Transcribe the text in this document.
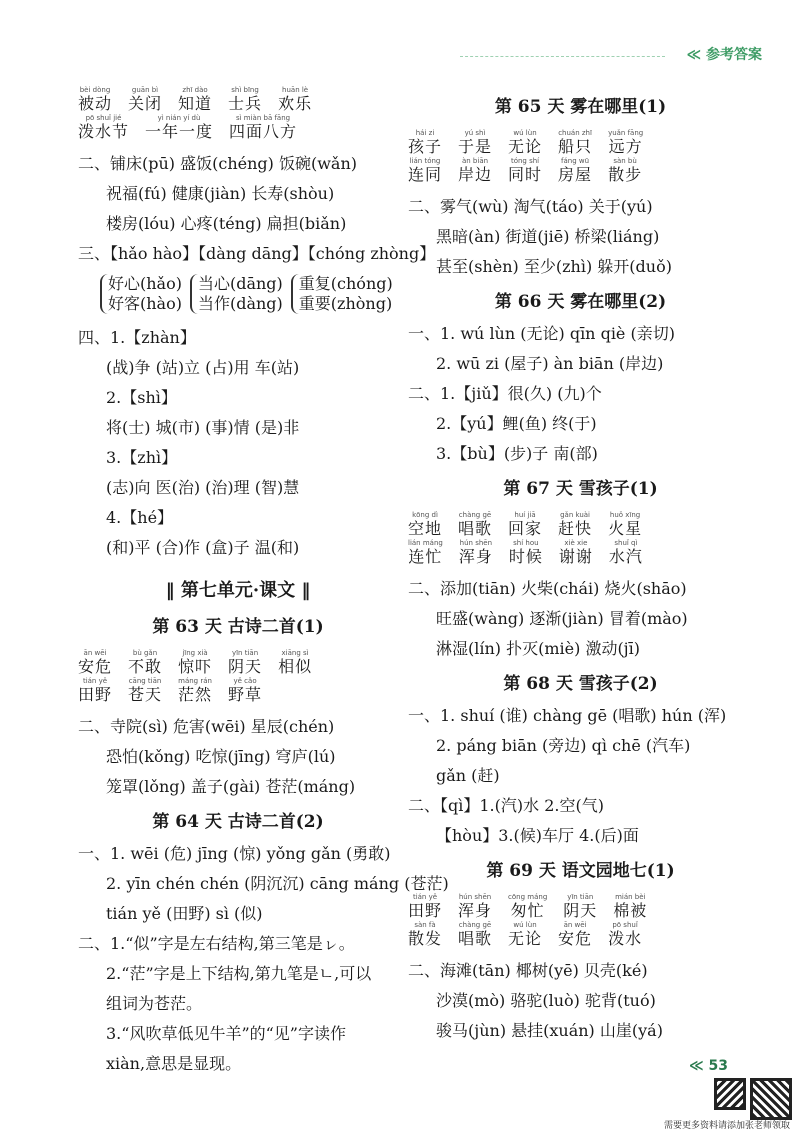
≪ 参考答案
bèi dòng
被动
guān bì
关闭
zhī dào
知道
shì bīng
士兵
huān lè
欢乐
pō shuǐ jié
泼水节
yì nián yí dù
一年一度
sì miàn bā fāng
四面八方
二、铺床(pū) 盛饭(chéng) 饭碗(wǎn)
祝福(fú) 健康(jiàn) 长寿(shòu)
楼房(lóu) 心疼(téng) 扁担(biǎn)
三、【hǎo hào】【dàng dāng】【chóng zhòng】
好心(hǎo)
好客(hào)
当心(dāng)
当作(dàng)
重复(chóng)
重要(zhòng)
四、1.【zhàn】
(战)争 (站)立 (占)用 车(站)
2.【shì】
将(士) 城(市) (事)情 (是)非
3.【zhì】
(志)向 医(治) (治)理 (智)慧
4.【hé】
(和)平 (合)作 (盒)子 温(和)
‖ 第七单元·课文 ‖
第 63 天 古诗二首(1)
ān wēi
安危
bù gǎn
不敢
jīng xià
惊吓
yīn tiān
阴天
xiāng sì
相似
tián yě
田野
cāng tiān
苍天
máng rán
茫然
yě cǎo
野草
二、寺院(sì) 危害(wēi) 星辰(chén)
恐怕(kǒng) 吃惊(jīng) 穹庐(lú)
笼罩(lǒng) 盖子(gài) 苍茫(máng)
第 64 天 古诗二首(2)
一、1. wēi (危) jīng (惊) yǒng gǎn (勇敢)
2. yīn chén chén (阴沉沉) cāng máng (苍茫)
tián yě (田野) sì (似)
二、1.“似”字是左右结构,第三笔是ㇾ。
2.“茫”字是上下结构,第九笔是ㄴ,可以
组词为苍茫。
3.“风吹草低见牛羊”的“见”字读作
xiàn,意思是显现。
第 65 天 雾在哪里(1)
hái zi
孩子
yú shì
于是
wú lùn
无论
chuán zhī
船只
yuǎn fāng
远方
lián tóng
连同
àn biān
岸边
tóng shí
同时
fáng wū
房屋
sàn bù
散步
二、雾气(wù) 淘气(táo) 关于(yú)
黑暗(àn) 街道(jiē) 桥梁(liáng)
甚至(shèn) 至少(zhì) 躲开(duǒ)
第 66 天 雾在哪里(2)
一、1. wú lùn (无论) qīn qiè (亲切)
2. wū zi (屋子) àn biān (岸边)
二、1.【jiǔ】很(久) (九)个
2.【yú】鲤(鱼) 终(于)
3.【bù】(步)子 南(部)
第 67 天 雪孩子(1)
kōng dì
空地
chàng gē
唱歌
huí jiā
回家
gǎn kuài
赶快
huǒ xīng
火星
lián máng
连忙
hún shēn
浑身
shí hou
时候
xiè xie
谢谢
shuǐ qì
水汽
二、添加(tiān) 火柴(chái) 烧火(shāo)
旺盛(wàng) 逐渐(jiàn) 冒着(mào)
淋湿(lín) 扑灭(miè) 激动(jī)
第 68 天 雪孩子(2)
一、1. shuí (谁) chàng gē (唱歌) hún (浑)
2. páng biān (旁边) qì chē (汽车)
gǎn (赶)
二、【qì】1.(汽)水 2.空(气)
【hòu】3.(候)车厅 4.(后)面
第 69 天 语文园地七(1)
tián yě
田野
hún shēn
浑身
cōng máng
匆忙
yīn tiān
阴天
mián bèi
棉被
sàn fà
散发
chàng gē
唱歌
wú lùn
无论
ān wēi
安危
pō shuǐ
泼水
二、海滩(tān) 椰树(yē) 贝壳(ké)
沙漠(mò) 骆驼(luò) 驼背(tuó)
骏马(jùn) 悬挂(xuán) 山崖(yá)
≪ 53
需要更多资料请添加张老师领取
